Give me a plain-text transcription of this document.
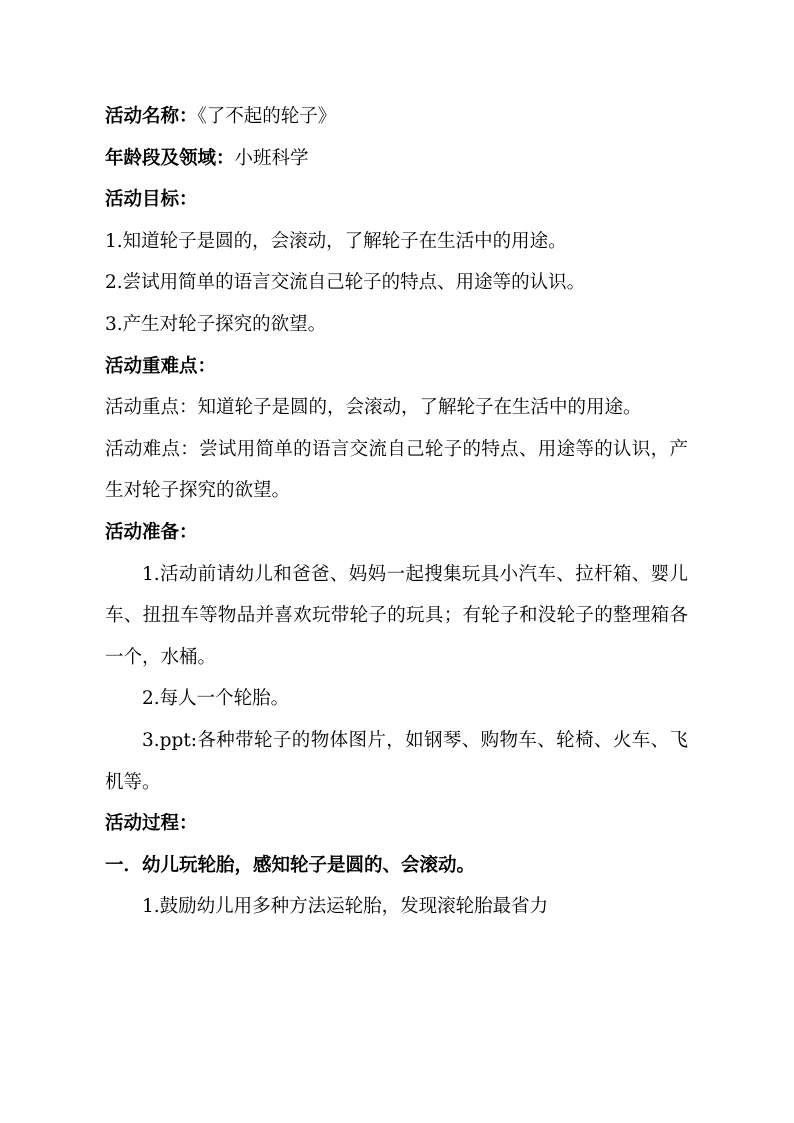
活动名称：《了不起的轮子》
年龄段及领域：小班科学
活动目标：
1.知道轮子是圆的，会滚动，了解轮子在生活中的用途。
2.尝试用简单的语言交流自己轮子的特点、用途等的认识。
3.产生对轮子探究的欲望。
活动重难点：
活动重点：知道轮子是圆的，会滚动，了解轮子在生活中的用途。
活动难点：尝试用简单的语言交流自己轮子的特点、用途等的认识，产
生对轮子探究的欲望。
活动准备：
1.活动前请幼儿和爸爸、妈妈一起搜集玩具小汽车、拉杆箱、婴儿
车、扭扭车等物品并喜欢玩带轮子的玩具；有轮子和没轮子的整理箱各
一个，水桶。
2.每人一个轮胎。
3.ppt:各种带轮子的物体图片，如钢琴、购物车、轮椅、火车、飞
机等。
活动过程：
一．幼儿玩轮胎，感知轮子是圆的、会滚动。
1.鼓励幼儿用多种方法运轮胎，发现滚轮胎最省力
